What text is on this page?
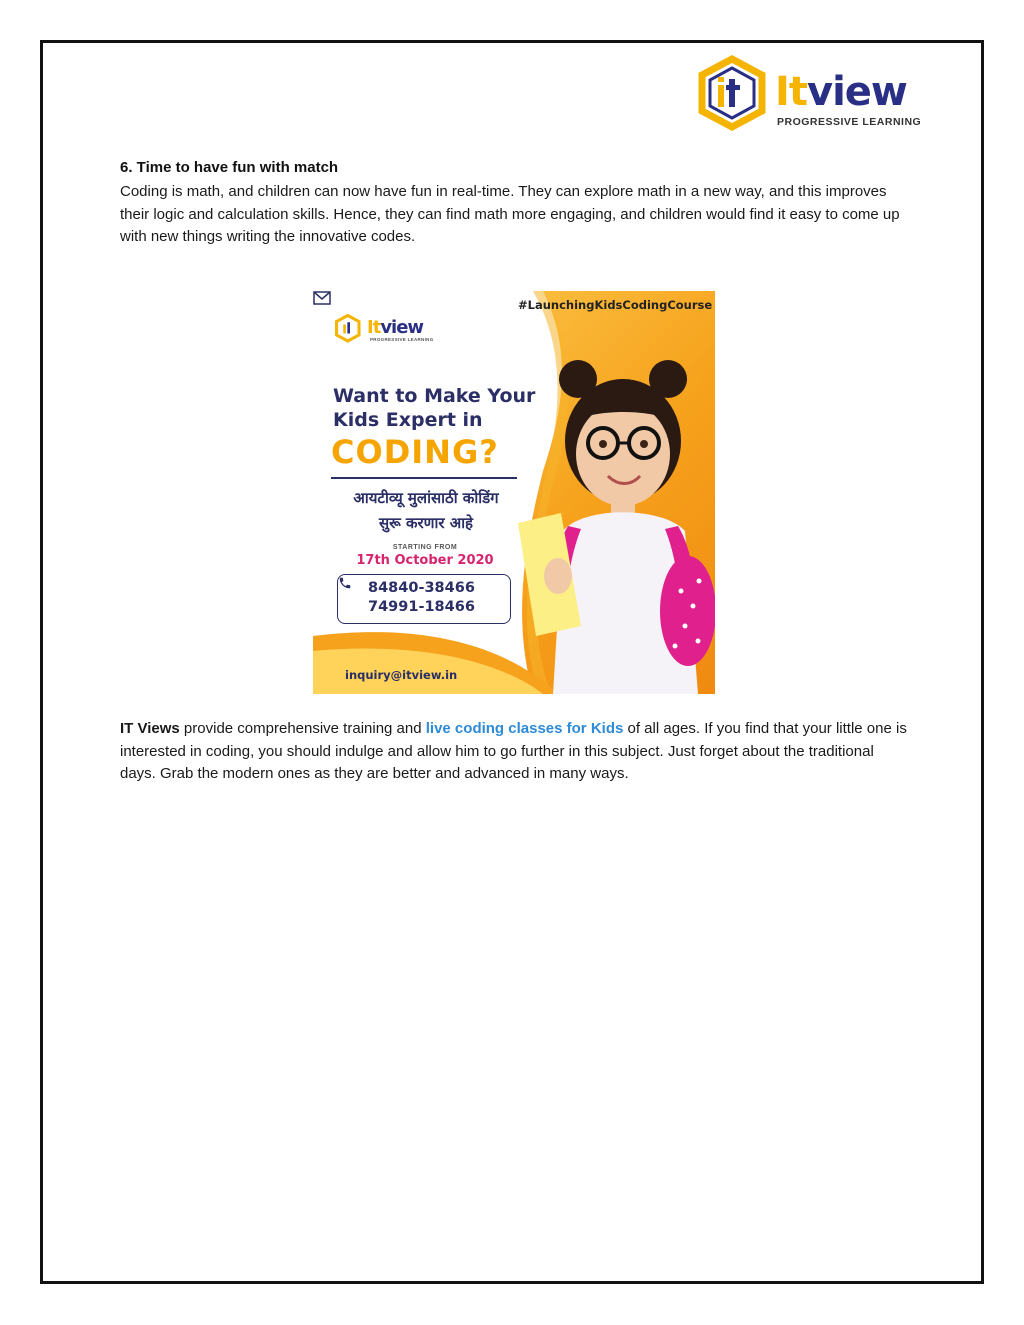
Itview
PROGRESSIVE LEARNING
6. Time to have fun with match
Coding is math, and children can now have fun in real-time. They can explore math in a new way, and this improves their logic and calculation skills. Hence, they can find math more engaging, and children would find it easy to come up with new things writing the innovative codes.
#LaunchingKidsCodingCourse
Itview
PROGRESSIVE LEARNING
Want to Make Your Kids Expert in
CODING?
आयटीव्यू मुलांसाठी कोडिंग
सुरू करणार आहे
STARTING FROM
17th October 2020
84840-38466
74991-18466
inquiry@itview.in
IT Views provide comprehensive training and live coding classes for Kids of all ages. If you find that your little one is interested in coding, you should indulge and allow him to go further in this subject. Just forget about the traditional days. Grab the modern ones as they are better and advanced in many ways.
